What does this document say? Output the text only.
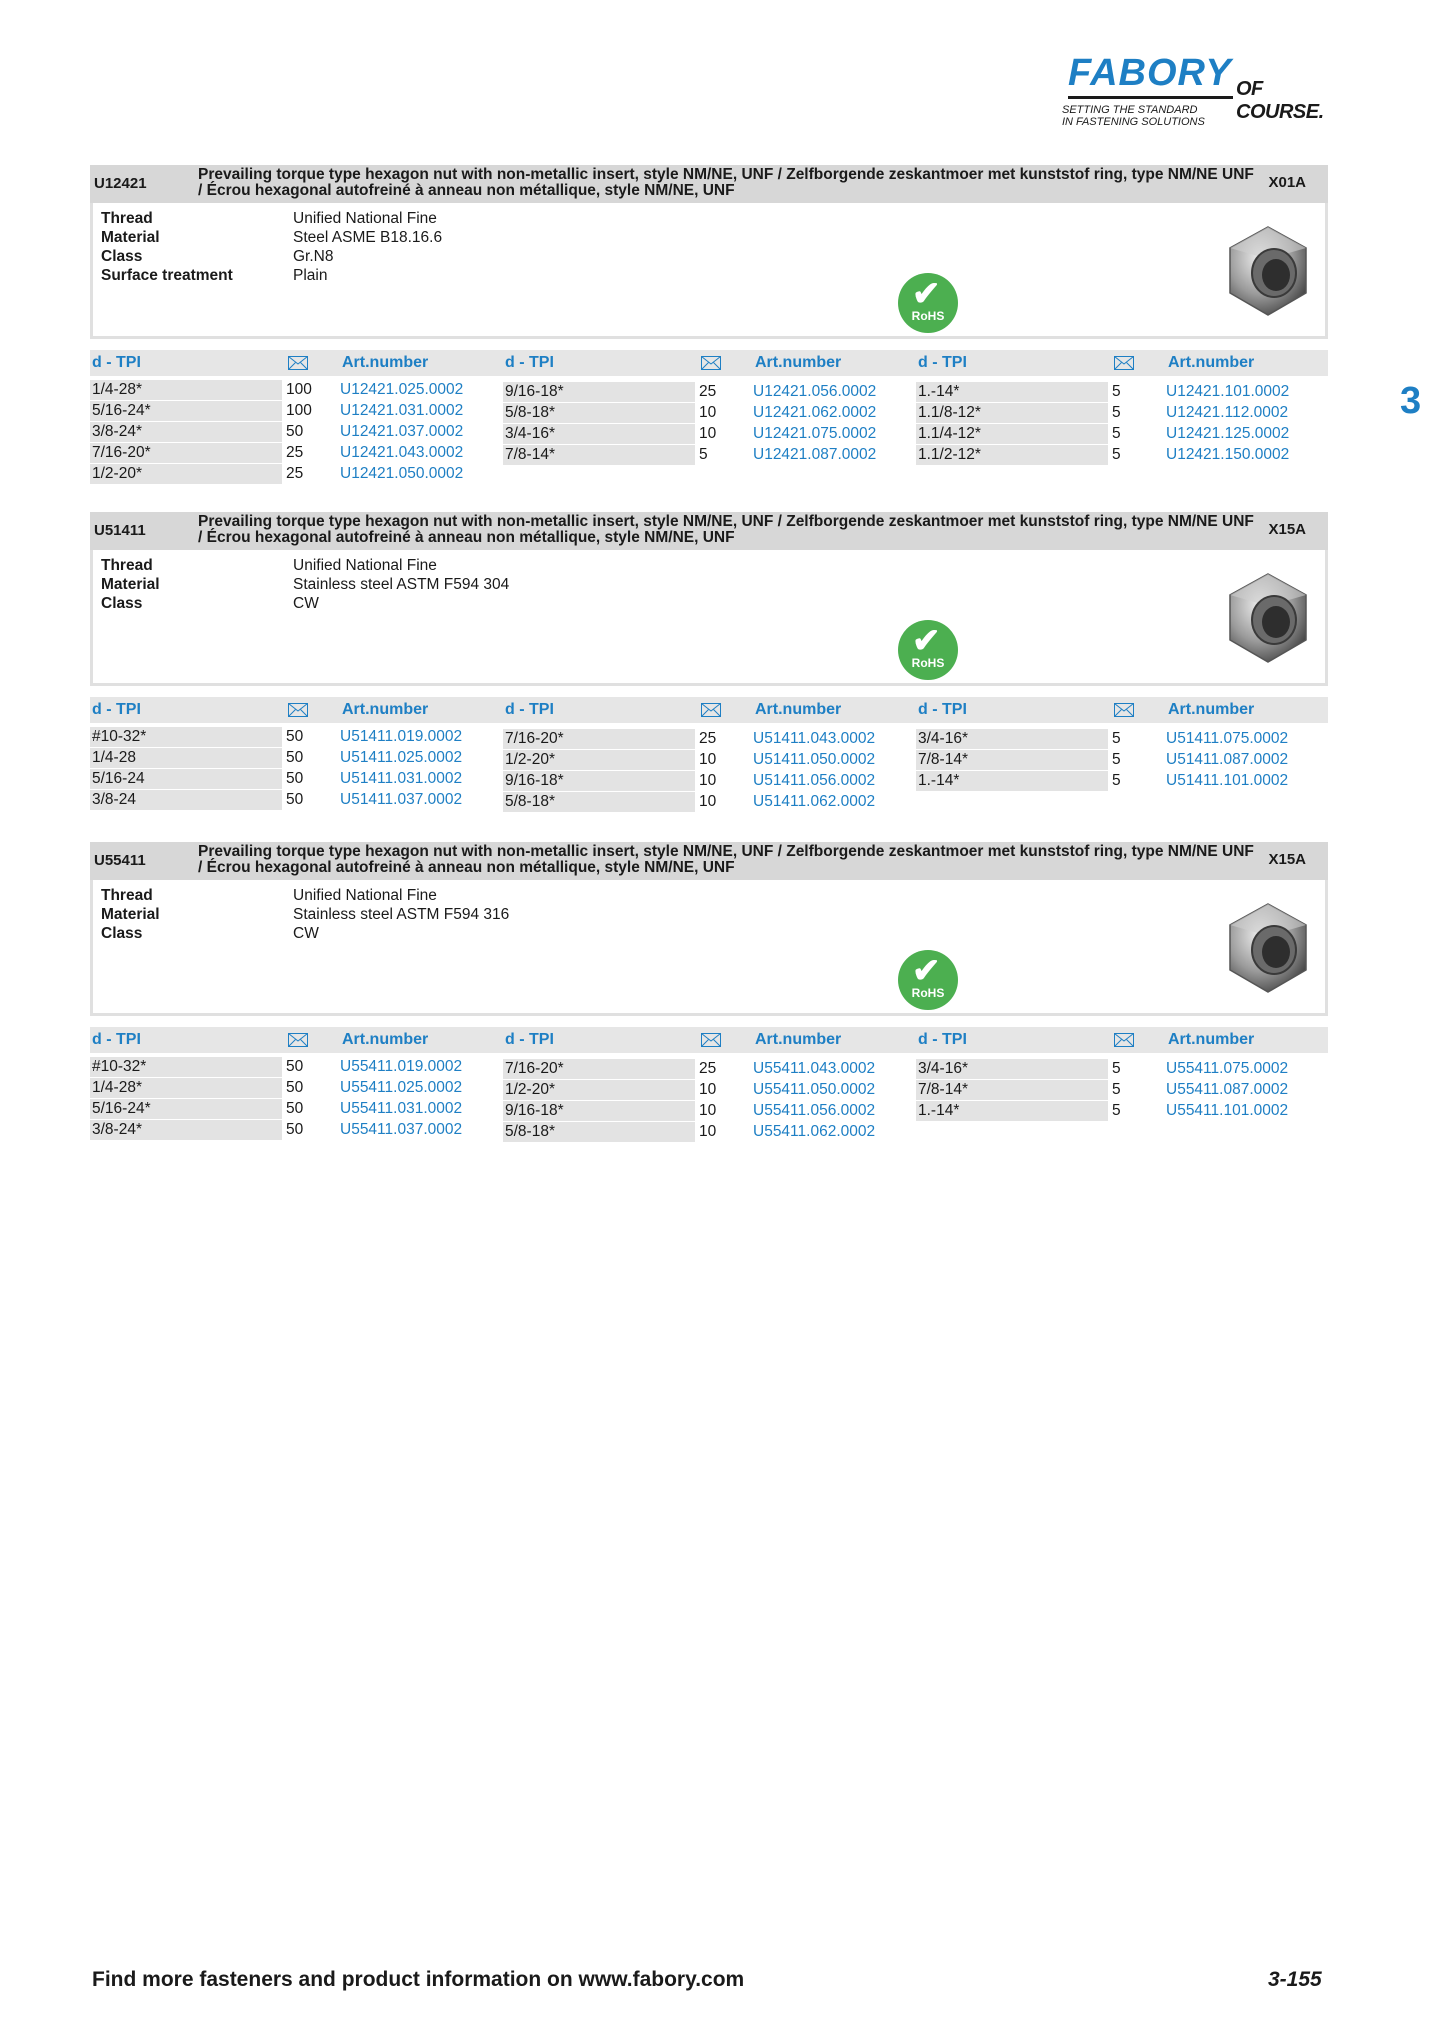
FABORY OF COURSE.
SETTING THE STANDARD
IN FASTENING SOLUTIONS
3
U12421
Prevailing torque type hexagon nut with non-metallic insert, style NM/NE, UNF / Zelfborgende zeskantmoer met kunststof ring, type NM/NE UNF / Écrou hexagonal autofreiné à anneau non métallique, style NM/NE, UNF	X01A
Thread	Unified National Fine
Material	Steel ASME B18.16.6
Class	Gr.N8
Surface treatment	Plain	✔
RoHS
d - TPI	Art.number	d - TPI	Art.number	d - TPI	Art.number
1/4-28*	100 U12421.025.0002
5/16-24*	100 U12421.031.0002
3/8-24*	50 U12421.037.0002
7/16-20*	25 U12421.043.0002
1/2-20*	25 U12421.050.0002
9/16-18*	25 U12421.056.0002
5/8-18*	10 U12421.062.0002
3/4-16*	10 U12421.075.0002
7/8-14*	5	U12421.087.0002
1.-14*	5	U12421.101.0002
1.1/8-12*	5	U12421.112.0002
1.1/4-12*	5	U12421.125.0002
1.1/2-12*	5	U12421.150.0002
U51411
Prevailing torque type hexagon nut with non-metallic insert, style NM/NE, UNF / Zelfborgende zeskantmoer met kunststof ring, type NM/NE UNF / Écrou hexagonal autofreiné à anneau non métallique, style NM/NE, UNF	X15A
Thread	Unified National Fine
Material	Stainless steel ASTM F594 304
Class	CW
✔
RoHS
d - TPI	Art.number	d - TPI	Art.number	d - TPI	Art.number
#10-32*	50 U51411.019.0002
1/4-28	50 U51411.025.0002
5/16-24	50 U51411.031.0002
3/8-24	50 U51411.037.0002
7/16-20*	25 U51411.043.0002
1/2-20*	10 U51411.050.0002
9/16-18*	10 U51411.056.0002
5/8-18*	10 U51411.062.0002
3/4-16*	5	U51411.075.0002
7/8-14*	5	U51411.087.0002
1.-14*	5	U51411.101.0002
U55411
Prevailing torque type hexagon nut with non-metallic insert, style NM/NE, UNF / Zelfborgende zeskantmoer met kunststof ring, type NM/NE UNF / Écrou hexagonal autofreiné à anneau non métallique, style NM/NE, UNF	X15A
Thread	Unified National Fine
Material	Stainless steel ASTM F594 316
Class	CW
✔
RoHS
d - TPI	Art.number	d - TPI	Art.number	d - TPI	Art.number
#10-32*	50 U55411.019.0002
1/4-28*	50 U55411.025.0002
5/16-24*	50 U55411.031.0002
3/8-24*	50 U55411.037.0002
7/16-20*	25 U55411.043.0002
1/2-20*	10 U55411.050.0002
9/16-18*	10 U55411.056.0002
5/8-18*	10 U55411.062.0002
3/4-16*	5	U55411.075.0002
7/8-14*	5	U55411.087.0002
1.-14*	5	U55411.101.0002
Find more fasteners and product information on www.fabory.com	3-155
